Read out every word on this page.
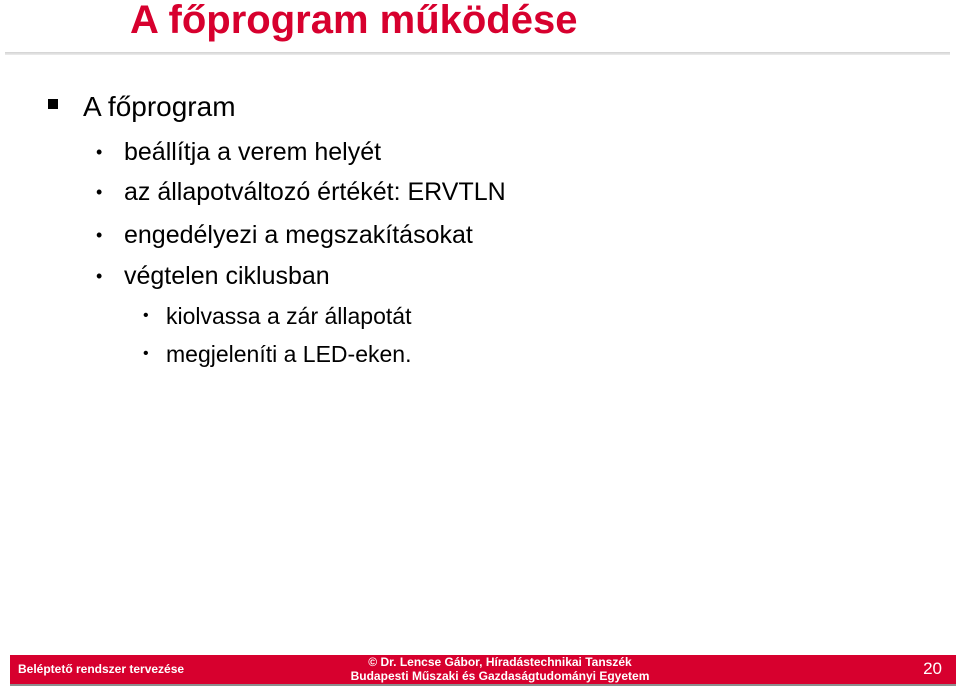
A főprogram működése
A főprogram
• beállítja a verem helyét
• az állapotváltozó értékét: ERVTLN
• engedélyezi a megszakításokat
• végtelen ciklusban
• kiolvassa a zár állapotát
• megjeleníti a LED-eken.
Beléptető rendszer tervezése	© Dr. Lencse Gábor, Híradástechnikai Tanszék
Budapesti Műszaki és Gazdaságtudományi Egyetem	20
